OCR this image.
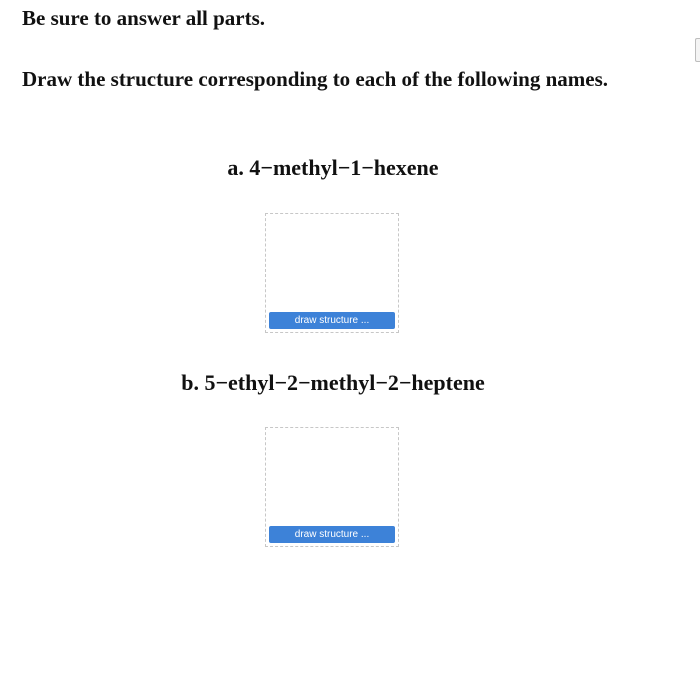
Be sure to answer all parts.

Draw the structure corresponding to each of the following names.

a. 4−methyl−1−hexene
draw structure ...
b. 5−ethyl−2−methyl−2−heptene
draw structure ...
